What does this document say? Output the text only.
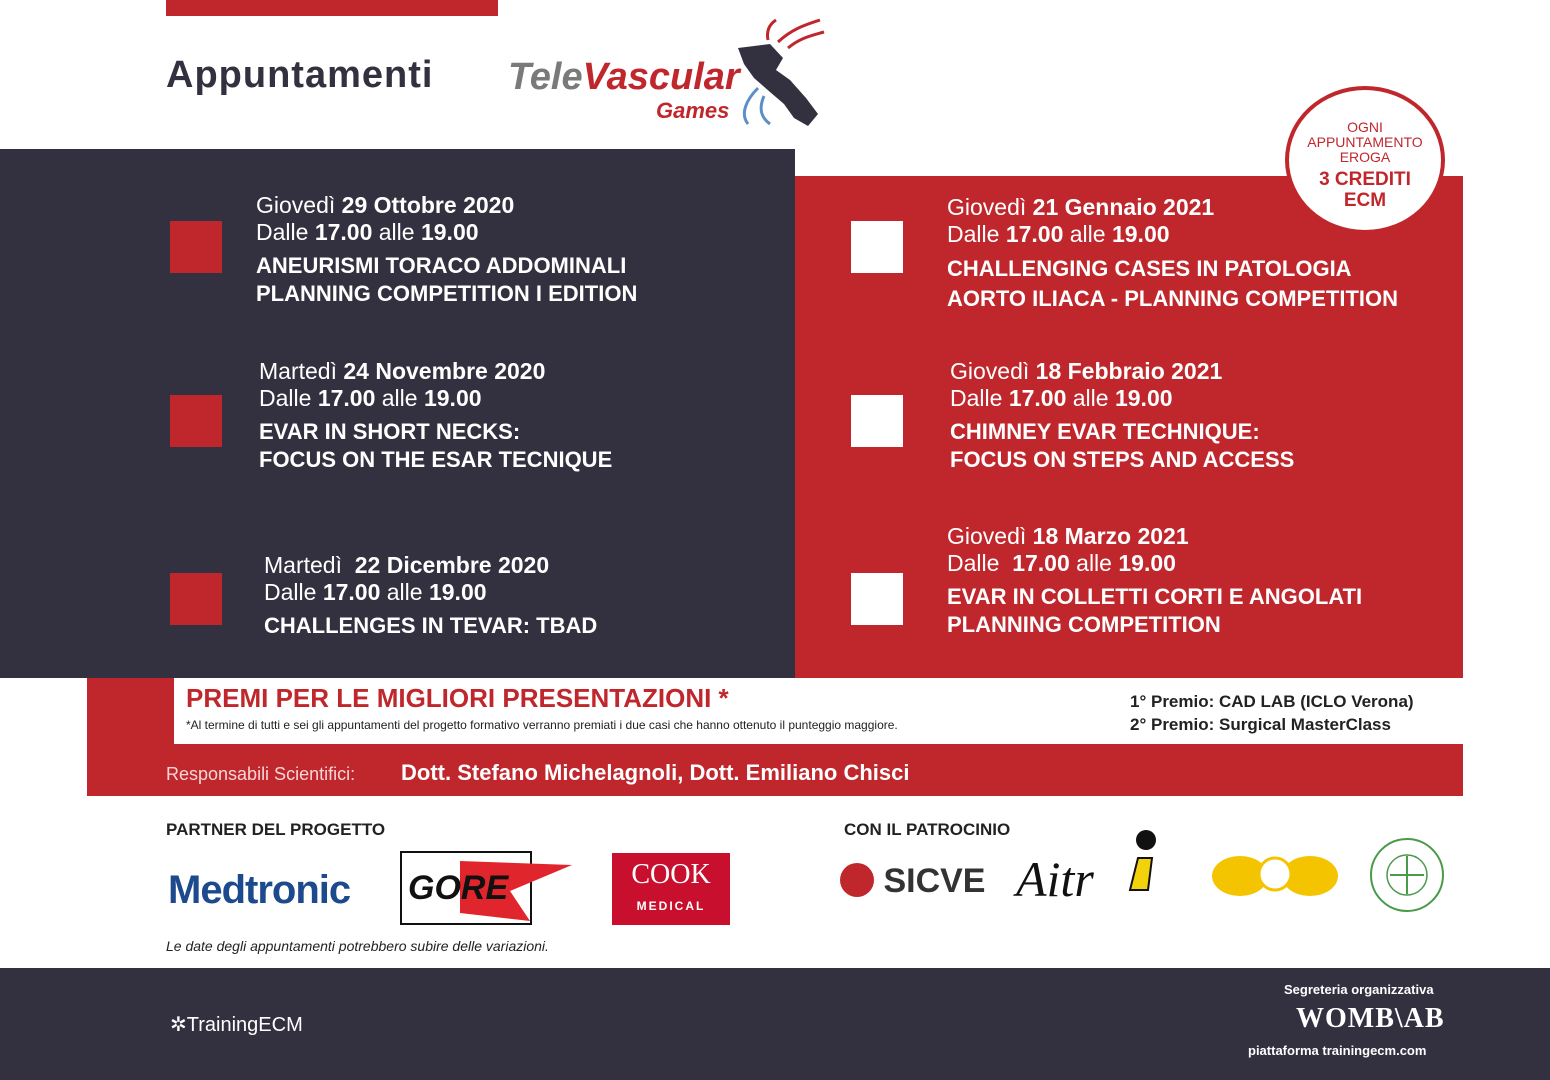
Appuntamenti TeleVascular
Games
OGNI
APPUNTAMENTO
EROGA
3 CREDITI
ECM
Giovedì 29 Ottobre 2020
Dalle 17.00 alle 19.00
ANEURISMI TORACO ADDOMINALI
PLANNING COMPETITION I EDITION
Martedì 24 Novembre 2020
Dalle 17.00 alle 19.00
EVAR IN SHORT NECKS:
FOCUS ON THE ESAR TECNIQUE
Martedì 22 Dicembre 2020
Dalle 17.00 alle 19.00
CHALLENGES IN TEVAR: TBAD
Giovedì 21 Gennaio 2021
Dalle 17.00 alle 19.00
CHALLENGING CASES IN PATOLOGIA
AORTO ILIACA - PLANNING COMPETITION
Giovedì 18 Febbraio 2021
Dalle 17.00 alle 19.00
CHIMNEY EVAR TECHNIQUE:
FOCUS ON STEPS AND ACCESS
Giovedì 18 Marzo 2021
Dalle 17.00 alle 19.00
EVAR IN COLLETTI CORTI E ANGOLATI
PLANNING COMPETITION
PREMI PER LE MIGLIORI PRESENTAZIONI *
*Al termine di tutti e sei gli appuntamenti del progetto formativo verranno premiati i due casi che hanno ottenuto il punteggio maggiore.
1° Premio: CAD LAB (ICLO Verona)
2° Premio: Surgical MasterClass
Responsabili Scientifici: Dott. Stefano Michelagnoli, Dott. Emiliano Chisci
PARTNER DEL PROGETTO
Medtronic GORE	COOK
MEDICAL
CON IL PATROCINIO
SICVE Aitr
Le date degli appuntamenti potrebbero subire delle variazioni.
✲TrainingECM
Segreteria organizzativa
WOMB\AB
piattaforma trainingecm.com
